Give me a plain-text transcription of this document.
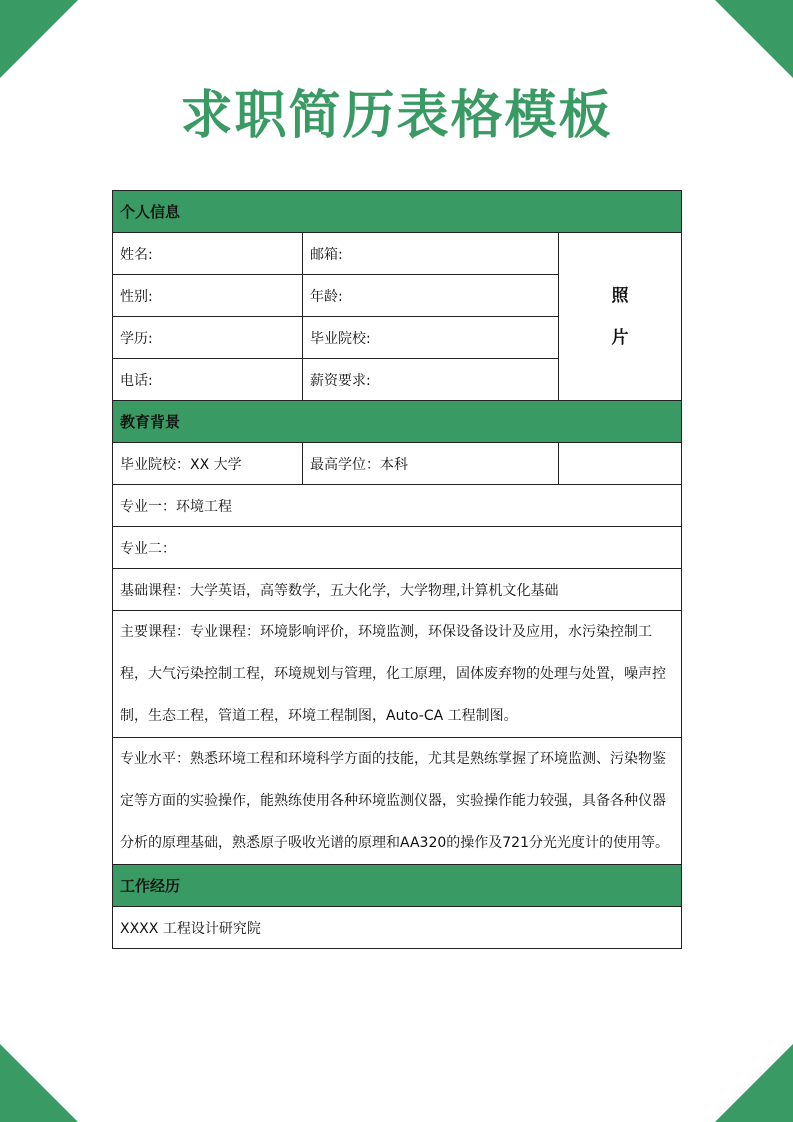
求职简历表格模板
个人信息		
姓名:	邮箱:	照
片

性别:	年龄:	
学历:	毕业院校:	
电话:	薪资要求:	
教育背景		
毕业院校：XX 大学	最高学位：本科	
专业一：环境工程		
专业二：		
基础课程：大学英语，高等数学，五大化学，大学物理,计算机文化基础		
主要课程：专业课程：环境影响评价，环境监测，环保设备设计及应用，水污染控制工程，大气污染控制工程，环境规划与管理，化工原理，固体废弃物的处理与处置，噪声控制，生态工程，管道工程，环境工程制图，Auto-CA 工程制图。		
专业水平：熟悉环境工程和环境科学方面的技能，尤其是熟练掌握了环境监测、污染物鉴定等方面的实验操作，能熟练使用各种环境监测仪器，实验操作能力较强，具备各种仪器分析的原理基础，熟悉原子吸收光谱的原理和AA320的操作及721分光光度计的使用等。		
工作经历		
XXXX 工程设计研究院		
